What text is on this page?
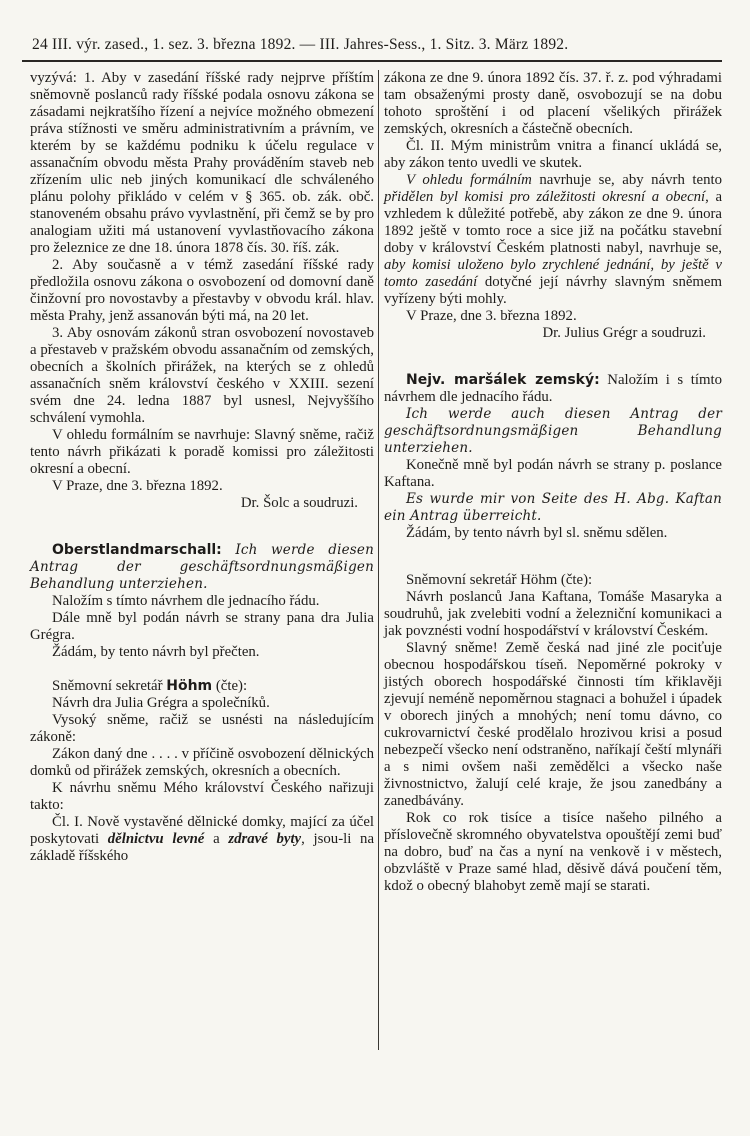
24 III. výr. zased., 1. sez. 3. března 1892. — III. Jahres-Sess., 1. Sitz. 3. März 1892.

vyzývá: 1. Aby v zasedání říšské rady nejprve příštím sněmovně poslanců rady říšské podala osnovu zákona se zásadami nejkratšího řízení a nejvíce možného obmezení práva stížnosti ve směru administrativním a právním, ve kterém by se každému podniku k účelu regulace v assanačním obvodu města Prahy prováděním staveb neb zřízením ulic neb jiných komunikací dle schváleného plánu polohy přikládo v celém v § 365. ob. zák. obč. stanoveném obsahu právo vyvlastnění, při čemž se by pro analogiam užiti má ustanovení vyvlastňovacího zákona pro železnice ze dne 18. února 1878 čís. 30. říš. zák.

2. Aby současně a v témž zasedání říšské rady předložila osnovu zákona o osvobození od domovní daně činžovní pro novostavby a přestavby v obvodu král. hlav. města Prahy, jenž assanován býti má, na 20 let.

3. Aby osnovám zákonů stran osvobození novostaveb a přestaveb v pražském obvodu assanačním od zemských, obecních a školních přirážek, na kterých se z ohledů assanačních sněm království českého v XXIII. sezení svém dne 24. ledna 1887 byl usnesl, Nejvyššího schválení vymohla.

V ohledu formálním se navrhuje: Slavný sněme, račiž tento návrh přikázati k poradě komissi pro záležitosti okresní a obecní.

V Praze, dne 3. března 1892.

Dr. Šolc a soudruzi.

Oberstlandmarschall: Ich werde diesen Antrag der geschäftsordnungsmäßigen Behandlung unterziehen.

Naložím s tímto návrhem dle jednacího řádu.

Dále mně byl podán návrh se strany pana dra Julia Grégra.

Žádám, by tento návrh byl přečten.

Sněmovní sekretář Höhm (čte):

Návrh dra Julia Grégra a společníků.

Vysoký sněme, račiž se usnésti na následujícím zákoně:

Zákon daný dne . . . . v příčině osvobození dělnických domků od přirážek zemských, okresních a obecních.

K návrhu sněmu Mého království Českého nařizuji takto:

Čl. I. Nově vystavěné dělnické domky, mající za účel poskytovati dělnictvu levné a zdravé byty, jsou-li na základě říšského

zákona ze dne 9. února 1892 čís. 37. ř. z. pod výhradami tam obsaženými prosty daně, osvobozují se na dobu tohoto sproštění i od placení všelikých přirážek zemských, okresních a částečně obecních.

Čl. II. Mým ministrům vnitra a financí ukládá se, aby zákon tento uvedli ve skutek.

V ohledu formálním navrhuje se, aby návrh tento přidělen byl komisi pro záležitosti okresní a obecní, a vzhledem k důležité potřebě, aby zákon ze dne 9. února 1892 ještě v tomto roce a sice již na počátku stavební doby v království Českém platnosti nabyl, navrhuje se, aby komisi uloženo bylo zrychlené jednání, by ještě v tomto zasedání dotyčné její návrhy slavným sněmem vyřízeny býti mohly.

V Praze, dne 3. března 1892.

Dr. Julius Grégr a soudruzi.

Nejv. maršálek zemský: Naložím i s tímto návrhem dle jednacího řádu.

Ich werde auch diesen Antrag der geschäftsordnungsmäßigen Behandlung unterziehen.

Konečně mně byl podán návrh se strany p. poslance Kaftana.

Es wurde mir von Seite des H. Abg. Kaftan ein Antrag überreicht.

Žádám, by tento návrh byl sl. sněmu sdělen.

Sněmovní sekretář Höhm (čte):

Návrh poslanců Jana Kaftana, Tomáše Masaryka a soudruhů, jak zvelebiti vodní a železniční komunikaci a jak povznésti vodní hospodářství v království Českém.

Slavný sněme! Země česká nad jiné zle pociťuje obecnou hospodářskou tíseň. Nepoměrné pokroky v jistých oborech hospodářské činnosti tím křiklavěji zjevují neméně nepoměrnou stagnaci a bohužel i úpadek v oborech jiných a mnohých; není tomu dávno, co cukrovarnictví české prodělalo hrozivou krisi a posud nebezpečí všecko není odstraněno, naříkají čeští mlynáři a s nimi ovšem naši zemědělci a všecko naše živnostnictvo, žalují celé kraje, že jsou zanedbány a zanedbávány.

Rok co rok tisíce a tisíce našeho pilného a příslovečně skromného obyvatelstva opouštějí zemi buď na dobro, buď na čas a nyní na venkově i v městech, obzvláště v Praze samé hlad, děsivě dává poučení těm, kdož o obecný blahobyt země mají se starati.
